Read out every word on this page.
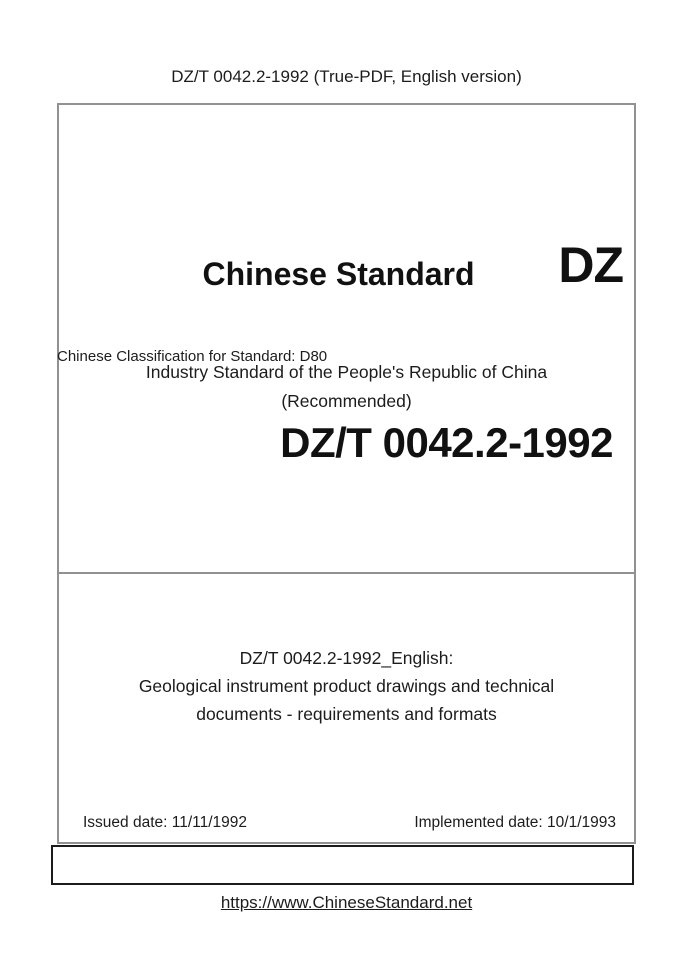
DZ/T 0042.2-1992 (True-PDF, English version)
Chinese Standard	DZ
Industry Standard of the People's Republic of China
(Recommended)
Chinese Classification for Standard: D80
DZ/T 0042.2-1992
DZ/T 0042.2-1992_English:
Geological instrument product drawings and technical
documents - requirements and formats
Issued date: 11/11/1992	Implemented date: 10/1/1993
https://www.ChineseStandard.net
